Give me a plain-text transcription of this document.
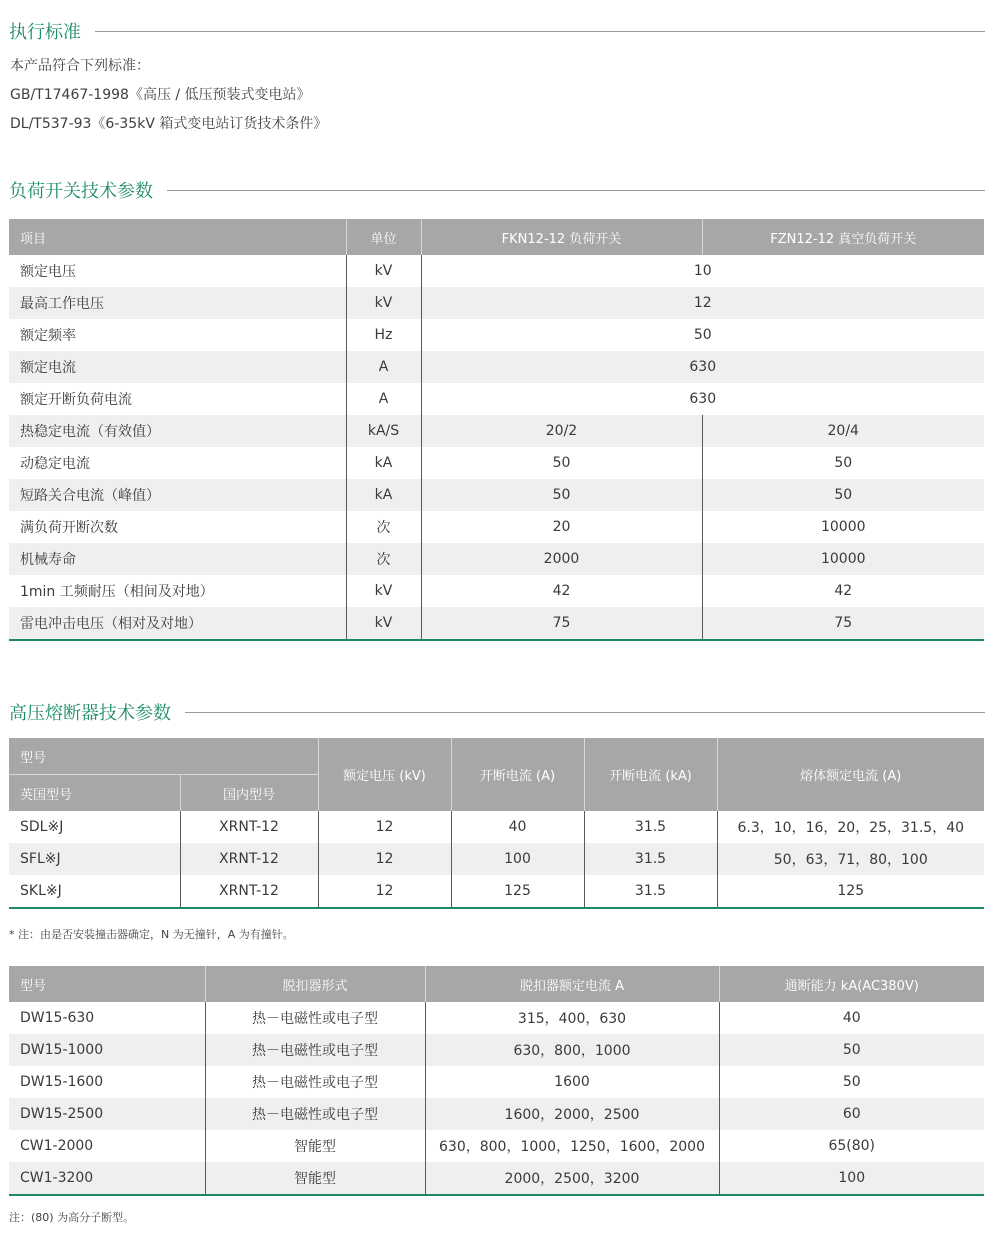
执行标准
本产品符合下列标准：
GB/T17467-1998《高压 / 低压预装式变电站》
DL/T537-93《6-35kV 箱式变电站订货技术条件》
负荷开关技术参数
项目	单位	FKN12-12 负荷开关	FZN12-12 真空负荷开关
额定电压	kV	10	
最高工作电压	kV	12	
额定频率	Hz	50	
额定电流	A	630	
额定开断负荷电流	A	630	
热稳定电流（有效值）	kA/S	20/2	20/4
动稳定电流	kA	50	50
短路关合电流（峰值）	kA	50	50
满负荷开断次数	次	20	10000
机械寿命	次	2000	10000
1min 工频耐压（相间及对地）	kV	42	42
雷电冲击电压（相对及对地）	kV	75	75
高压熔断器技术参数
型号		额定电压 (kV)	开断电流 (A)	开断电流 (kA)	熔体额定电流 (A)
英国型号	国内型号				
SDL※J	XRNT-12	12	40	31.5	6.3，10，16，20，25，31.5，40
SFL※J	XRNT-12	12	100	31.5	50，63，71，80，100
SKL※J	XRNT-12	12	125	31.5	125
* 注：由是否安装撞击器确定，N 为无撞针，A 为有撞针。
型号	脱扣器形式	脱扣器额定电流 A	通断能力 kA(AC380V)
DW15-630	热－电磁性或电子型	315，400，630	40
DW15-1000	热－电磁性或电子型	630，800，1000	50
DW15-1600	热－电磁性或电子型	1600	50
DW15-2500	热－电磁性或电子型	1600，2000，2500	60
CW1-2000	智能型	630，800，1000，1250，1600，2000	65(80)
CW1-3200	智能型	2000，2500，3200	100
注：(80) 为高分子断型。
